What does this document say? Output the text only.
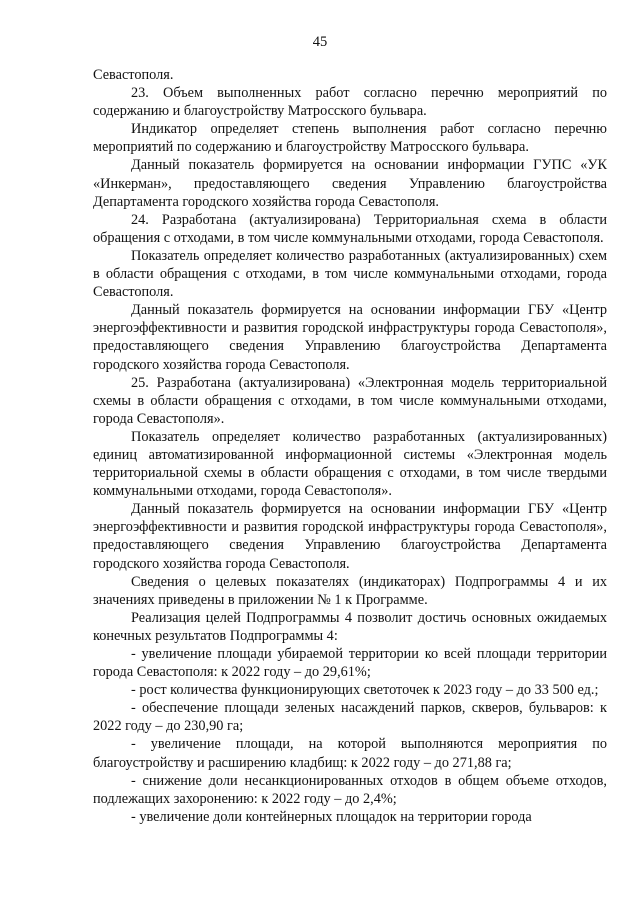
45

Севастополя.

23. Объем выполненных работ согласно перечню мероприятий по содержанию и благоустройству Матросского бульвара.

Индикатор определяет степень выполнения работ согласно перечню мероприятий по содержанию и благоустройству Матросского бульвара.

Данный показатель формируется на основании информации ГУПС «УК «Инкерман», предоставляющего сведения Управлению благоустройства Департамента городского хозяйства города Севастополя.

24. Разработана (актуализирована) Территориальная схема в области обращения с отходами, в том числе коммунальными отходами, города Севастополя.

Показатель определяет количество разработанных (актуализированных) схем в области обращения с отходами, в том числе коммунальными отходами, города Севастополя.

Данный показатель формируется на основании информации ГБУ «Центр энергоэффективности и развития городской инфраструктуры города Севастополя», предоставляющего сведения Управлению благоустройства Департамента городского хозяйства города Севастополя.

25. Разработана (актуализирована) «Электронная модель территориальной схемы в области обращения с отходами, в том числе коммунальными отходами, города Севастополя».

Показатель определяет количество разработанных (актуализированных) единиц автоматизированной информационной системы «Электронная модель территориальной схемы в области обращения с отходами, в том числе твердыми коммунальными отходами, города Севастополя».

Данный показатель формируется на основании информации ГБУ «Центр энергоэффективности и развития городской инфраструктуры города Севастополя», предоставляющего сведения Управлению благоустройства Департамента городского хозяйства города Севастополя.

Сведения о целевых показателях (индикаторах) Подпрограммы 4 и их значениях приведены в приложении № 1 к Программе.

Реализация целей Подпрограммы 4 позволит достичь основных ожидаемых конечных результатов Подпрограммы 4:

- увеличение площади убираемой территории ко всей площади территории города Севастополя: к 2022 году – до 29,61%;

- рост количества функционирующих светоточек к 2023 году – до 33 500 ед.;

- обеспечение площади зеленых насаждений парков, скверов, бульваров: к 2022 году – до 230,90 га;

- увеличение площади, на которой выполняются мероприятия по благоустройству и расширению кладбищ: к 2022 году – до 271,88 га;

- снижение доли несанкционированных отходов в общем объеме отходов, подлежащих захоронению: к 2022 году – до 2,4%;

- увеличение доли контейнерных площадок на территории города
